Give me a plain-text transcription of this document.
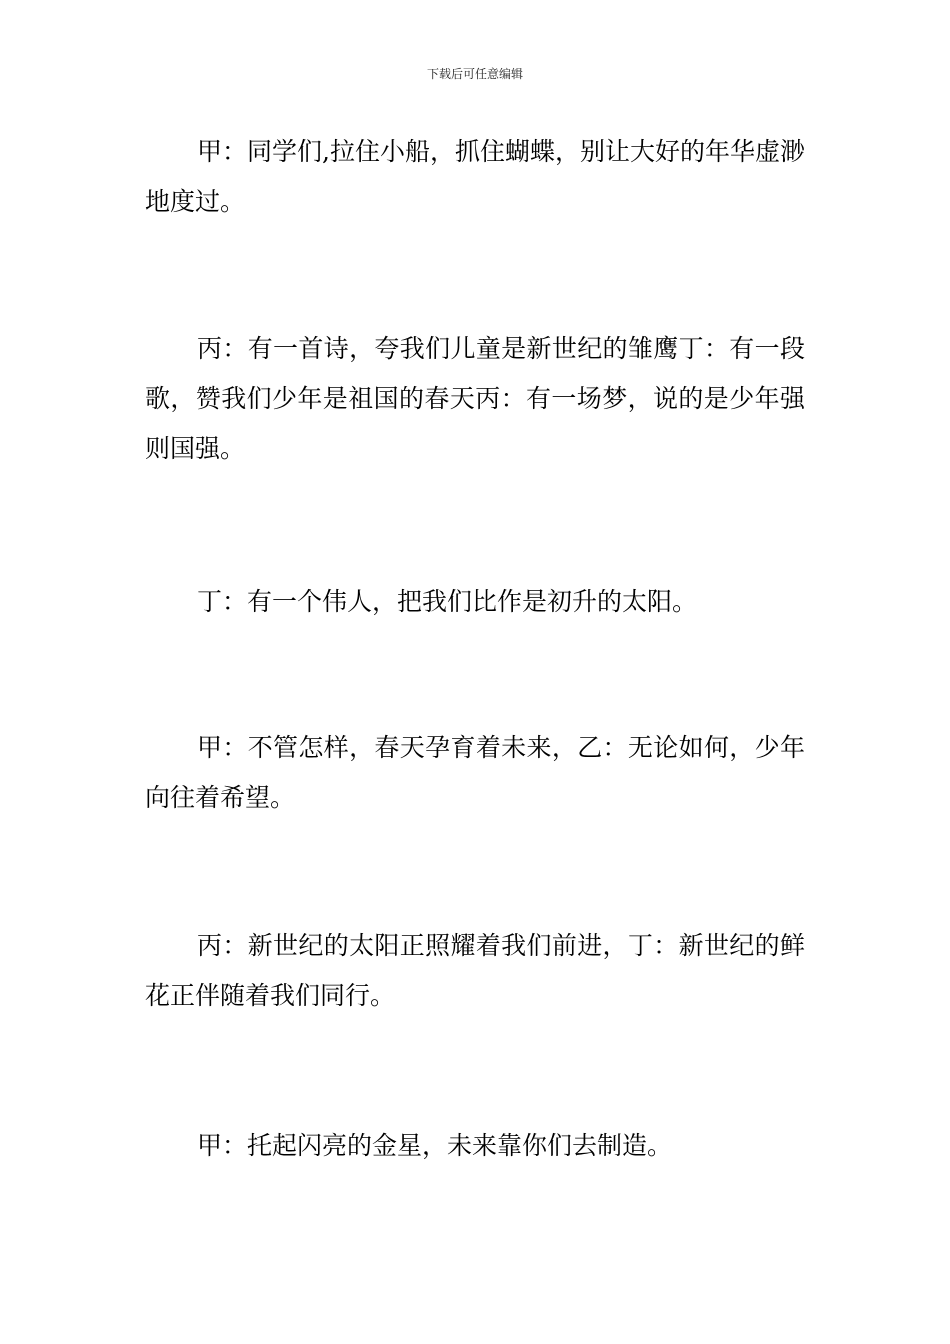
下载后可任意编辑

甲：同学们,拉住小船，抓住蝴蝶，别让大好的年华虚渺地度过。

丙：有一首诗，夸我们儿童是新世纪的雏鹰丁：有一段歌，赞我们少年是祖国的春天丙：有一场梦，说的是少年强则国强。

丁：有一个伟人，把我们比作是初升的太阳。

甲：不管怎样，春天孕育着未来，乙：无论如何，少年向往着希望。

丙：新世纪的太阳正照耀着我们前进，丁：新世纪的鲜花正伴随着我们同行。

甲：托起闪亮的金星，未来靠你们去制造。
